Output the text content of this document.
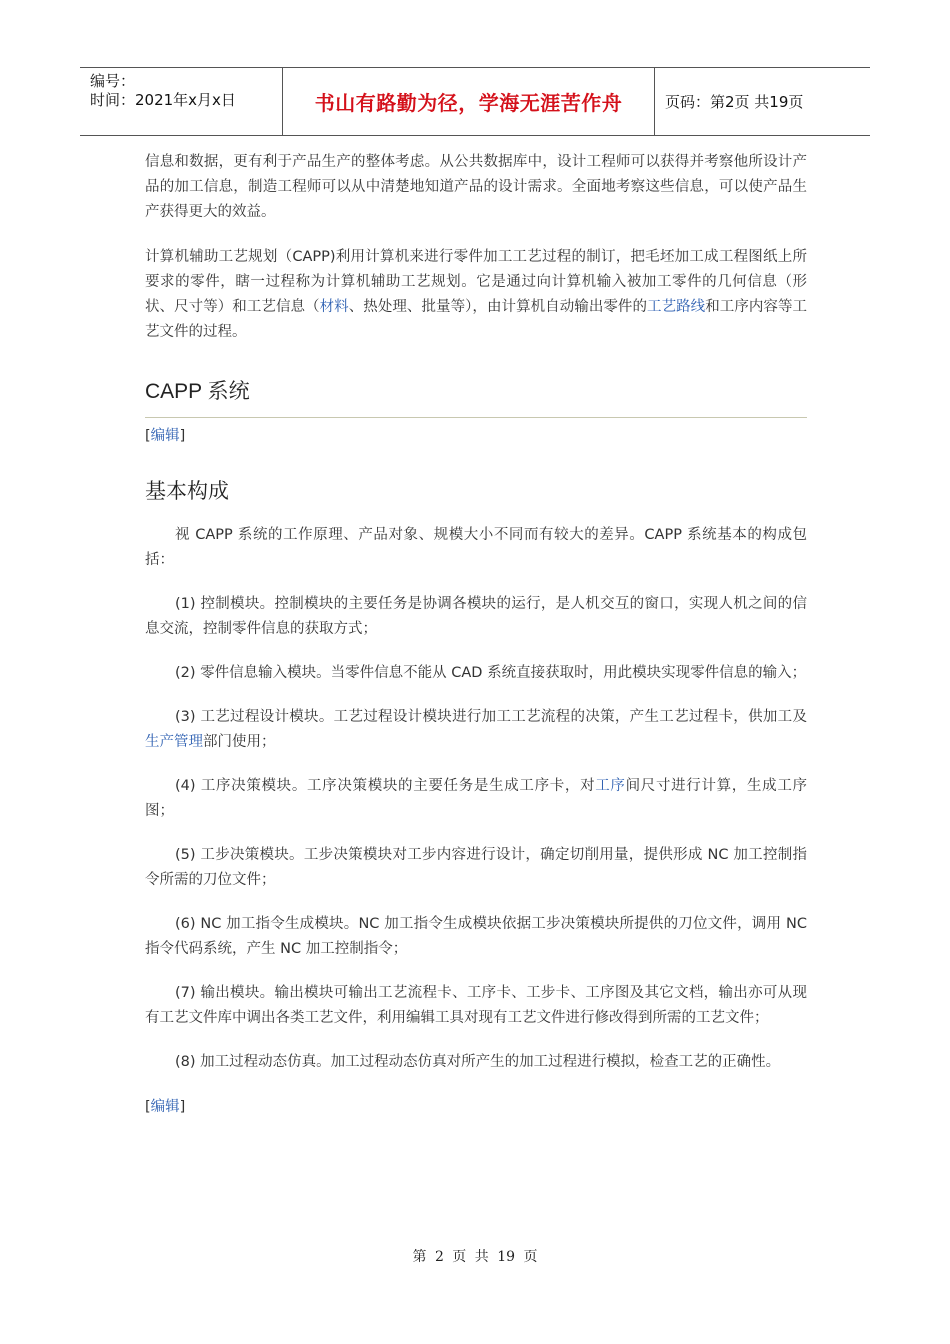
编号：
时间：2021年x月x日	书山有路勤为径，学海无涯苦作舟	页码：第2页 共19页

信息和数据，更有利于产品生产的整体考虑。从公共数据库中，设计工程师可以获得并考察他所设计产品的加工信息，制造工程师可以从中清楚地知道产品的设计需求。全面地考察这些信息，可以使产品生产获得更大的效益。

计算机辅助工艺规划（CAPP)利用计算机来进行零件加工工艺过程的制订，把毛坯加工成工程图纸上所要求的零件，瞎一过程称为计算机辅助工艺规划。它是通过向计算机输入被加工零件的几何信息（形状、尺寸等）和工艺信息（材料、热处理、批量等），由计算机自动输出零件的工艺路线和工序内容等工艺文件的过程。

CAPP 系统
[编辑]
基本构成

视 CAPP 系统的工作原理、产品对象、规模大小不同而有较大的差异。CAPP 系统基本的构成包括：

(1) 控制模块。控制模块的主要任务是协调各模块的运行，是人机交互的窗口，实现人机之间的信息交流，控制零件信息的获取方式；

(2) 零件信息输入模块。当零件信息不能从 CAD 系统直接获取时，用此模块实现零件信息的输入；

(3) 工艺过程设计模块。工艺过程设计模块进行加工工艺流程的决策，产生工艺过程卡，供加工及生产管理部门使用；

(4) 工序决策模块。工序决策模块的主要任务是生成工序卡，对工序间尺寸进行计算，生成工序图；

(5) 工步决策模块。工步决策模块对工步内容进行设计，确定切削用量，提供形成 NC 加工控制指令所需的刀位文件；

(6) NC 加工指令生成模块。NC 加工指令生成模块依据工步决策模块所提供的刀位文件，调用 NC 指令代码系统，产生 NC 加工控制指令；

(7) 输出模块。输出模块可输出工艺流程卡、工序卡、工步卡、工序图及其它文档，输出亦可从现有工艺文件库中调出各类工艺文件，利用编辑工具对现有工艺文件进行修改得到所需的工艺文件；

(8) 加工过程动态仿真。加工过程动态仿真对所产生的加工过程进行模拟，检查工艺的正确性。

[编辑]
第 2 页 共 19 页
